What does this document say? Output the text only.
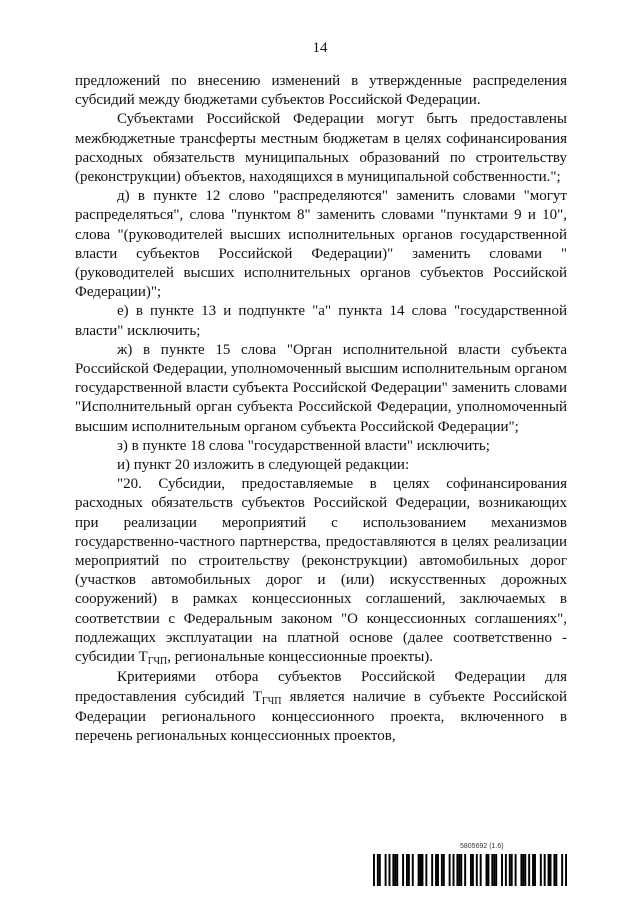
14

предложений по внесению изменений в утвержденные распределения субсидий между бюджетами субъектов Российской Федерации.

Субъектами Российской Федерации могут быть предоставлены межбюджетные трансферты местным бюджетам в целях софинансирования расходных обязательств муниципальных образований по строительству (реконструкции) объектов, находящихся в муниципальной собственности.";

д) в пункте 12 слово "распределяются" заменить словами "могут распределяться", слова "пунктом 8" заменить словами "пунктами 9 и 10", слова "(руководителей высших исполнительных органов государственной власти субъектов Российской Федерации)" заменить словами "(руководителей высших исполнительных органов субъектов Российской Федерации)";

е) в пункте 13 и подпункте "а" пункта 14 слова "государственной власти" исключить;

ж) в пункте 15 слова "Орган исполнительной власти субъекта Российской Федерации, уполномоченный высшим исполнительным органом государственной власти субъекта Российской Федерации" заменить словами "Исполнительный орган субъекта Российской Федерации, уполномоченный высшим исполнительным органом субъекта Российской Федерации";

з) в пункте 18 слова "государственной власти" исключить;

и) пункт 20 изложить в следующей редакции:

"20. Субсидии, предоставляемые в целях софинансирования расходных обязательств субъектов Российской Федерации, возникающих при реализации мероприятий с использованием механизмов государственно-частного партнерства, предоставляются в целях реализации мероприятий по строительству (реконструкции) автомобильных дорог (участков автомобильных дорог и (или) искусственных дорожных сооружений) в рамках концессионных соглашений, заключаемых в соответствии с Федеральным законом "О концессионных соглашениях", подлежащих эксплуатации на платной основе (далее соответственно - субсидии $Т_{ГЧП}$, региональные концессионные проекты).

Критериями отбора субъектов Российской Федерации для предоставления субсидий $Т_{ГЧП}$ является наличие в субъекте Российской Федерации регионального концессионного проекта, включенного в перечень региональных концессионных проектов,

5805692 (1.6)
